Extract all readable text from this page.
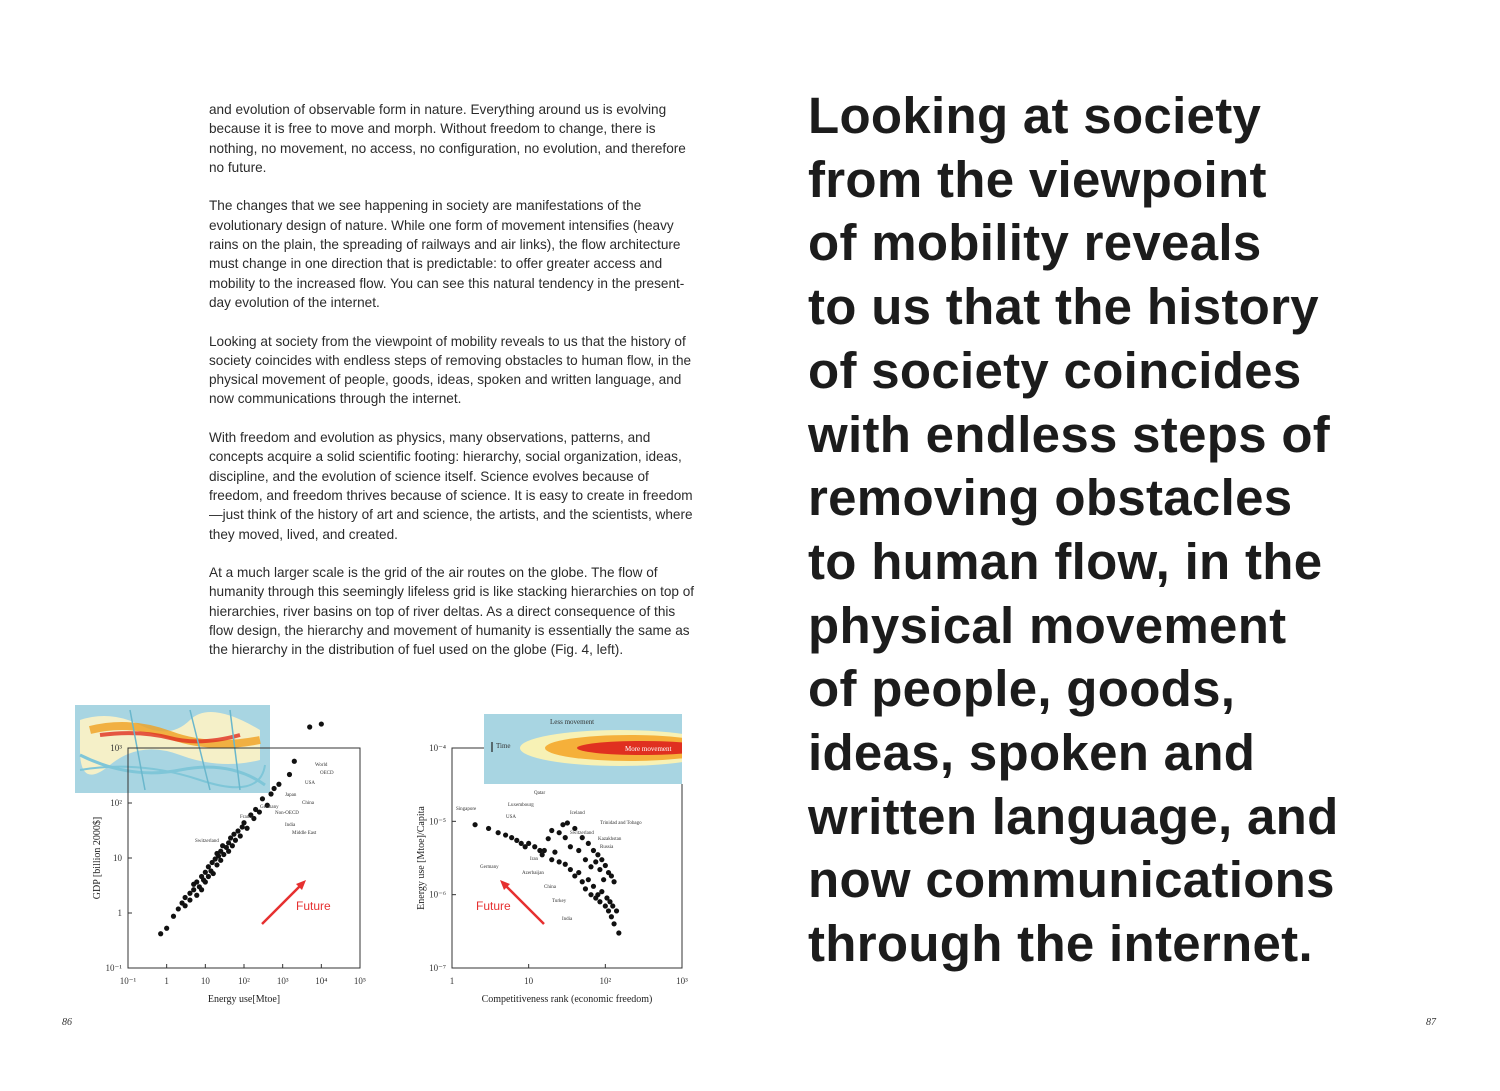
and evolution of observable form in nature. Everything around us is evolving because it is free to move and morph. Without freedom to change, there is nothing, no movement, no access, no configuration, no evolution, and therefore no future.

The changes that we see happening in society are manifestations of the evolutionary design of nature. While one form of movement intensifies (heavy rains on the plain, the spreading of railways and air links), the flow architecture must change in one direction that is predictable: to offer greater access and mobility to the increased flow. You can see this natural tendency in the present-day evolution of the internet.

Looking at society from the viewpoint of mobility reveals to us that the history of society coincides with endless steps of removing obstacles to human flow, in the physical movement of people, goods, ideas, spoken and written language, and now communications through the internet.

With freedom and evolution as physics, many observations, patterns, and concepts acquire a solid scientific footing: hierarchy, social organization, ideas, discipline, and the evolution of science itself. Science evolves because of freedom, and freedom thrives because of science. It is easy to create in freedom—just think of the history of art and science, the artists, and the scientists, where they moved, lived, and created.

At a much larger scale is the grid of the air routes on the globe. The flow of humanity through this seemingly lifeless grid is like stacking hierarchies on top of hierarchies, river basins on top of river deltas. As a direct consequence of this flow design, the hierarchy and movement of humanity is essentially the same as the hierarchy in the distribution of fuel used on the globe (Fig. 4, left).

10⁻¹	1	10	10²	10³	10⁴	10⁵
10⁻¹
1
10
10²
10³
Energy use[Mtoe]
GDP [billion 2000$]
World
OECD
USA
Japan
China
Germany
Non-OECD
France
India
Switzerland
Middle East
Future
1	10	10²	10³
10⁻⁴
10⁻⁵
10⁻⁶
10⁻⁷
Competitiveness rank (economic freedom)
Energy use [Mtoe]/Capita
Qatar
Singapore
Luxembourg
Iceland
USA
Trinidad and Tobago
Kazakhstan
Switzerland
Russia
Germany
Iran
Azerbaijan
China
Turkey
India
Future
Less movement
Time	More movement
86
Looking at society
from the viewpoint
of mobility reveals
to us that the history
of society coincides
with endless steps of
removing obstacles
to human flow, in the
physical movement
of people, goods,
ideas, spoken and
written language, and
now communications
through the internet.
87
